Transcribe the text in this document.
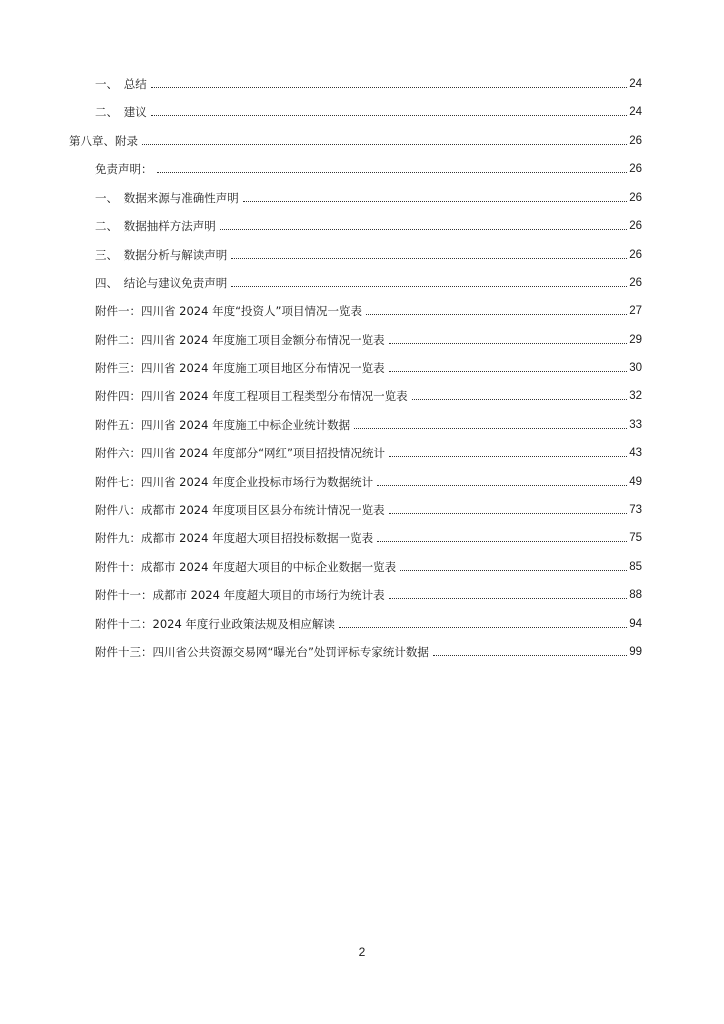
一、　总结	24
二、　建议	24
第八章、附录	26
免责声明：	26
一、　数据来源与准确性声明	26
二、　数据抽样方法声明	26
三、　数据分析与解读声明	26
四、　结论与建议免责声明	26
附件一：四川省 2024 年度“投资人”项目情况一览表	27
附件二：四川省 2024 年度施工项目金额分布情况一览表	29
附件三：四川省 2024 年度施工项目地区分布情况一览表	30
附件四：四川省 2024 年度工程项目工程类型分布情况一览表	32
附件五：四川省 2024 年度施工中标企业统计数据	33
附件六：四川省 2024 年度部分“网红”项目招投情况统计	43
附件七：四川省 2024 年度企业投标市场行为数据统计	49
附件八：成都市 2024 年度项目区县分布统计情况一览表	73
附件九：成都市 2024 年度超大项目招投标数据一览表	75
附件十：成都市 2024 年度超大项目的中标企业数据一览表	85
附件十一：成都市 2024 年度超大项目的市场行为统计表	88
附件十二：2024 年度行业政策法规及相应解读	94
附件十三：四川省公共资源交易网“曝光台”处罚评标专家统计数据	99
2
